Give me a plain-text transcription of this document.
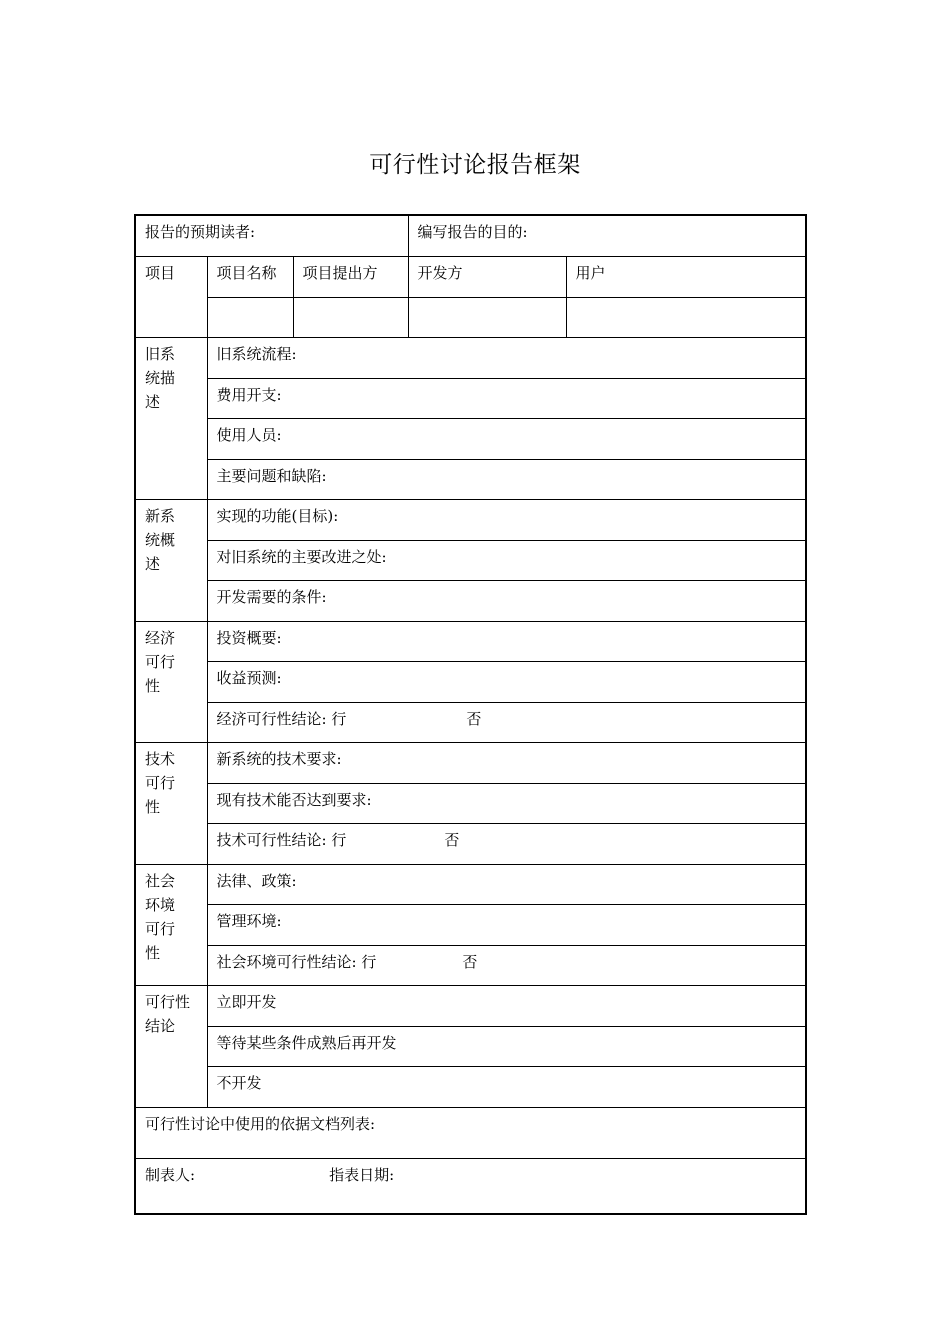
可行性讨论报告框架
报告的预期读者:			编写报告的目的:	
项目	项目名称	项目提出方	开发方	用户

旧系
统描
述	旧系统流程:			
	费用开支:			
	使用人员:			
	主要问题和缺陷:			
新系
统概
述	实现的功能(目标):			
	对旧系统的主要改进之处:			
	开发需要的条件:			
经济
可行
性	投资概要:			
	收益预测:			
	经济可行性结论: 行 否			
技术
可行
性	新系统的技术要求:			
	现有技术能否达到要求:			
	技术可行性结论: 行 否			
社会
环境
可行
性	法律、政策:			
	管理环境:			
	社会环境可行性结论: 行 否			
可行性
结论	立即开发			
	等待某些条件成熟后再开发			
	不开发			
可行性讨论中使用的依据文档列表:				
制表人: 指表日期:				
